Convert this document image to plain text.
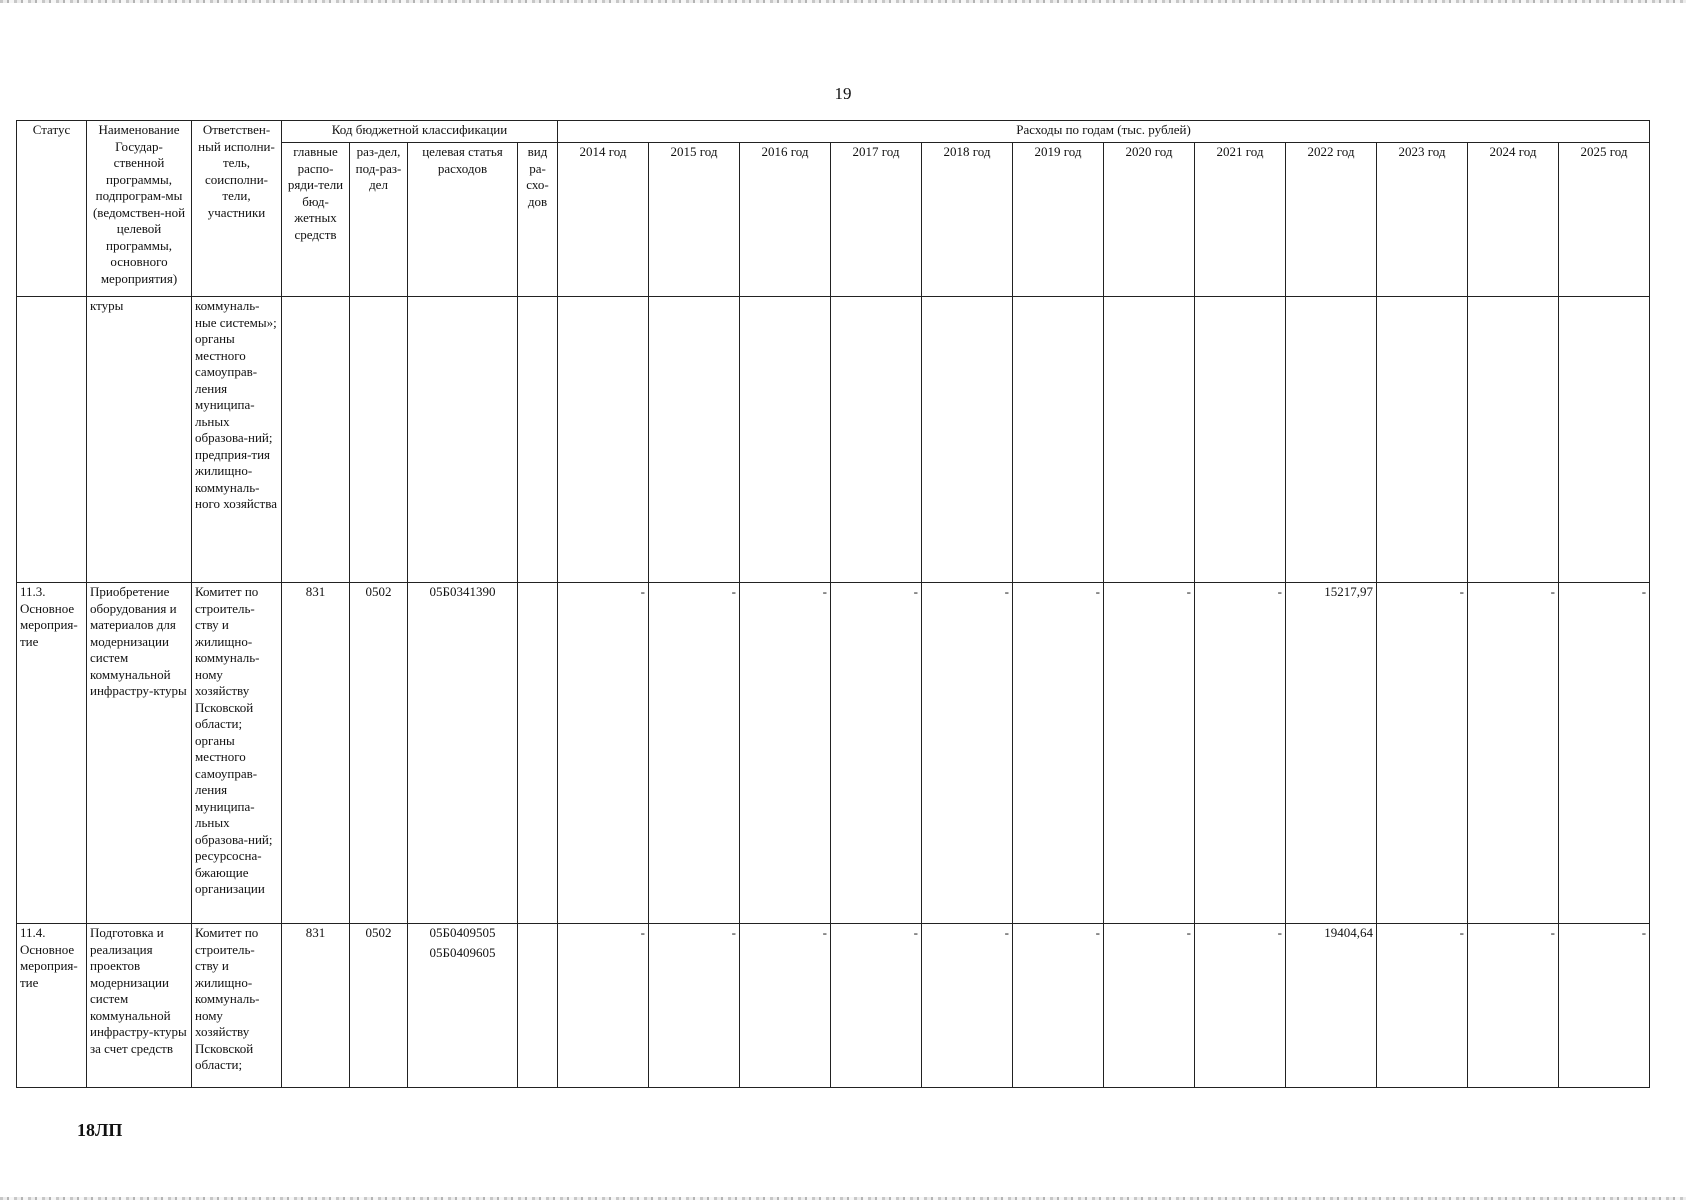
19
Статус	Наименование Государ-ственной программы, подпрограм-мы (ведомствен-ной целевой программы, основного мероприятия)	Ответствен-ный исполни-тель, соисполни-тели, участники	Код бюджетной классификации				Расходы по годам (тыс. рублей)											
			главные распо-ряди-тели бюд-жетных средств	раз-дел, под-раз-дел	целевая статья расходов	вид ра-схо-дов	2014 год	2015 год	2016 год	2017 год	2018 год	2019 год	2020 год	2021 год	2022 год	2023 год	2024 год	2025 год
	ктуры	коммуналь-ные системы»; органы местного самоуправ-ления муниципа-льных образова-ний; предприя-тия жилищно-коммуналь-ного хозяйства			

11.3. Основное мероприя-тие	Приобретение оборудования и материалов для модернизации систем коммунальной инфрастру-ктуры	Комитет по строитель-ству и жилищно-коммуналь-ному хозяйству Псковской области; органы местного самоуправ-ления муниципа-льных образова-ний; ресурсосна-бжающие организации	831	0502	05Б0341390		-	-	-	-	-	-	-	-	15217,97	-	-	-
11.4. Основное мероприя-тие	Подготовка и реализация проектов модернизации систем коммунальной инфрастру-ктуры за счет средств	Комитет по строитель-ству и жилищно-коммуналь-ному хозяйству Псковской области;	831	0502	05Б0409505
05Б0409605		-	-	-	-	-	-	-	-	19404,64	-	-	-
18ЛП
